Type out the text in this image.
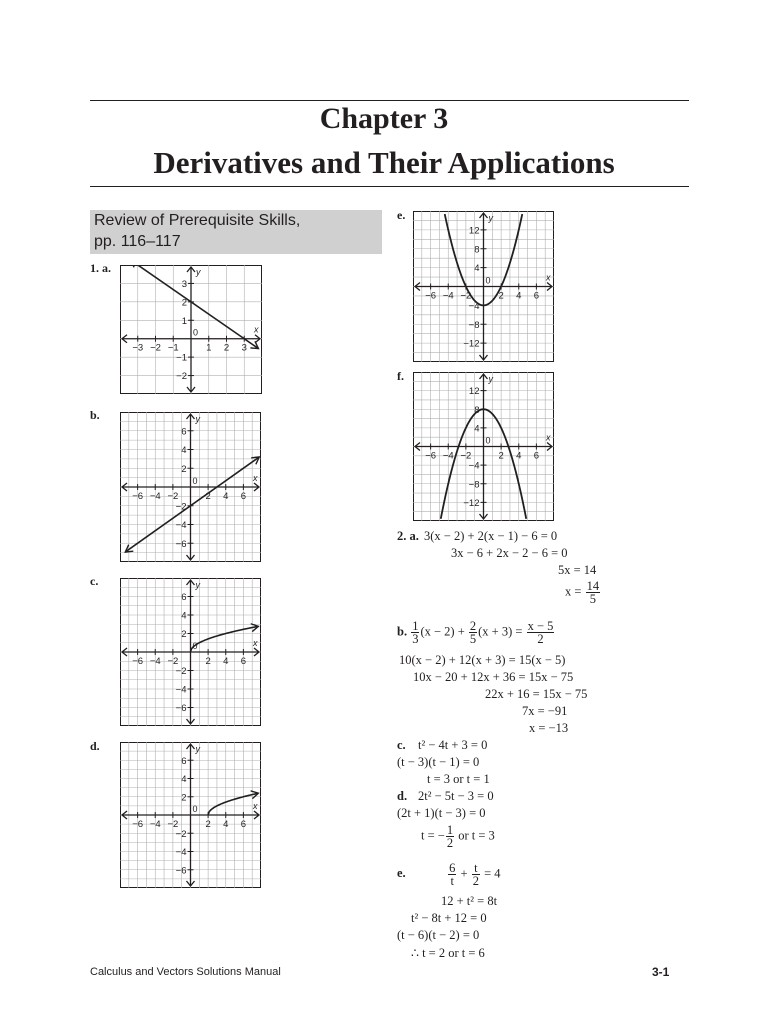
Chapter 3
Derivatives and Their Applications
Review of Prerequisite Skills,
pp. 116–117
1. a.
b.
c.
d.
e.
f.
x
y
0
−3 −2 −1	1 2 3
3
2
1
−1
−2
x
y
0
−6 −4 −2	2 4 6
6
4
2
−2
−4
−6
x
y
0
−6 −4 −2	2 4 6
6
4
2
−2
−4
−6
x
y
0
−6 −4 −2	2 4 6
6
4
2
−2
−4
−6
x
y
0
−6 −4 −2	2 4 6
12
8
4
−4
−8
−12
x
y
0
−6 −4 −2	2 4 6
12
8
4
−4
−8
−12
2. a. 3(x − 2) + 2(x − 1) − 6 = 0
3x − 6 + 2x − 2 − 6 = 0
5x = 14
$x = \frac{14}{5}$
b. $\frac{1}{3} (x - 2) + \frac{2}{5} (x + 3) = \frac{x - 5}{2}$
10(x − 2) + 12(x + 3) = 15(x − 5)
10x − 20 + 12x + 36 = 15x − 75
22x + 16 = 15x − 75
7x = −91
x = −13
c. t² − 4t + 3 = 0
(t − 3)(t − 1) = 0
t = 3 or t = 1
d. 2t² − 5t − 3 = 0
(2t + 1)(t − 3) = 0
t = − $\frac{1}{2}$ or t = 3
e.	$\frac{6}{t} + \frac{t}{2} = 4$
12 + t² = 8t
t² − 8t + 12 = 0
(t − 6)(t − 2) = 0
∴ t = 2 or t = 6
Calculus and Vectors Solutions Manual	3-1
